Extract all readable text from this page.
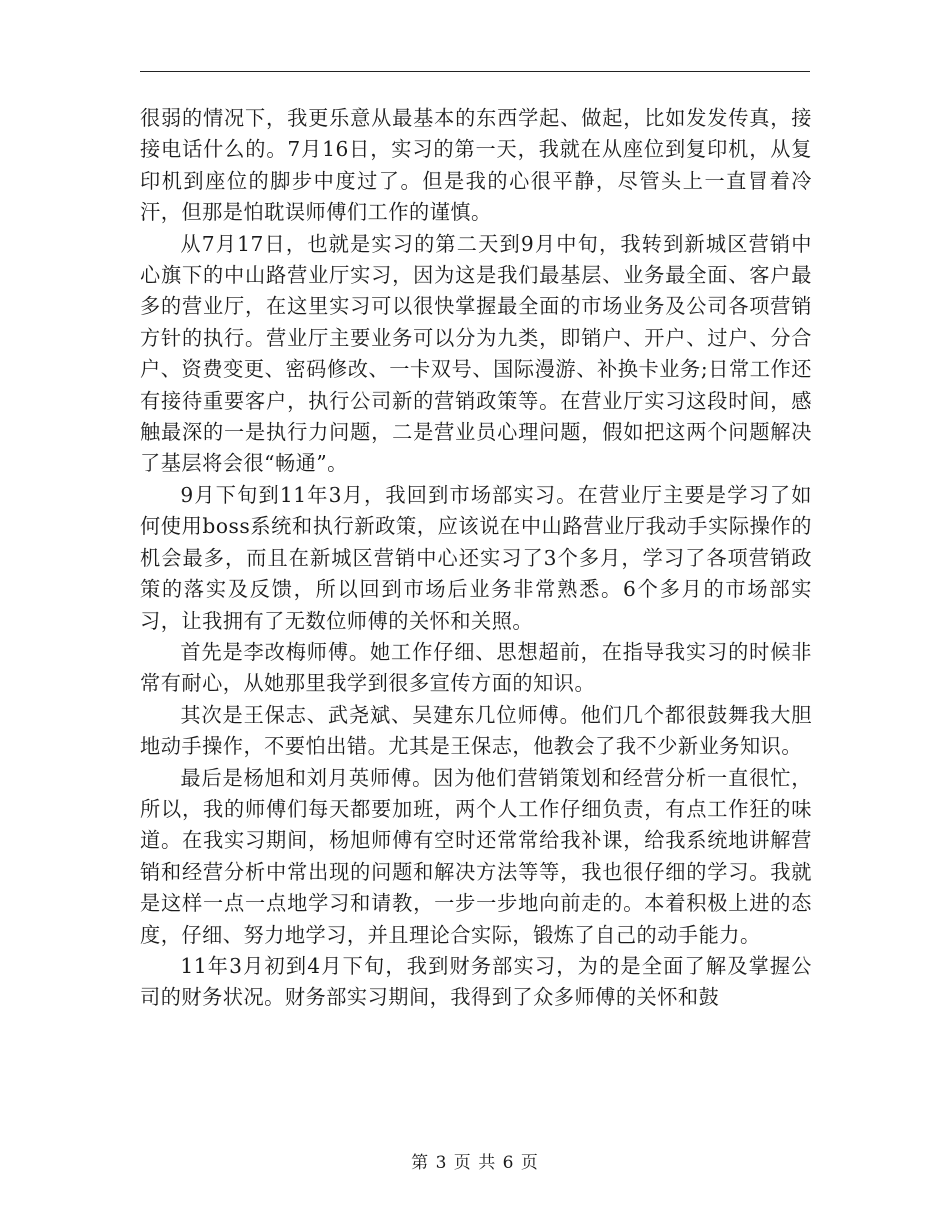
很弱的情况下，我更乐意从最基本的东西学起、做起，比如发发传真，接接电话什么的。7月16日，实习的第一天，我就在从座位到复印机，从复印机到座位的脚步中度过了。但是我的心很平静，尽管头上一直冒着冷汗，但那是怕耽误师傅们工作的谨慎。

从7月17日，也就是实习的第二天到9月中旬，我转到新城区营销中心旗下的中山路营业厅实习，因为这是我们最基层、业务最全面、客户最多的营业厅，在这里实习可以很快掌握最全面的市场业务及公司各项营销方针的执行。营业厅主要业务可以分为九类，即销户、开户、过户、分合户、资费变更、密码修改、一卡双号、国际漫游、补换卡业务;日常工作还有接待重要客户，执行公司新的营销政策等。在营业厅实习这段时间，感触最深的一是执行力问题，二是营业员心理问题，假如把这两个问题解决了基层将会很“畅通”。

9月下旬到11年3月，我回到市场部实习。在营业厅主要是学习了如何使用boss系统和执行新政策，应该说在中山路营业厅我动手实际操作的机会最多，而且在新城区营销中心还实习了3个多月，学习了各项营销政策的落实及反馈，所以回到市场后业务非常熟悉。6个多月的市场部实习，让我拥有了无数位师傅的关怀和关照。

首先是李改梅师傅。她工作仔细、思想超前，在指导我实习的时候非常有耐心，从她那里我学到很多宣传方面的知识。

其次是王保志、武尧斌、吴建东几位师傅。他们几个都很鼓舞我大胆地动手操作，不要怕出错。尤其是王保志，他教会了我不少新业务知识。

最后是杨旭和刘月英师傅。因为他们营销策划和经营分析一直很忙，所以，我的师傅们每天都要加班，两个人工作仔细负责，有点工作狂的味道。在我实习期间，杨旭师傅有空时还常常给我补课，给我系统地讲解营销和经营分析中常出现的问题和解决方法等等，我也很仔细的学习。我就是这样一点一点地学习和请教，一步一步地向前走的。本着积极上进的态度，仔细、努力地学习，并且理论合实际，锻炼了自己的动手能力。

11年3月初到4月下旬，我到财务部实习，为的是全面了解及掌握公司的财务状况。财务部实习期间，我得到了众多师傅的关怀和鼓

第 3 页 共 6 页
